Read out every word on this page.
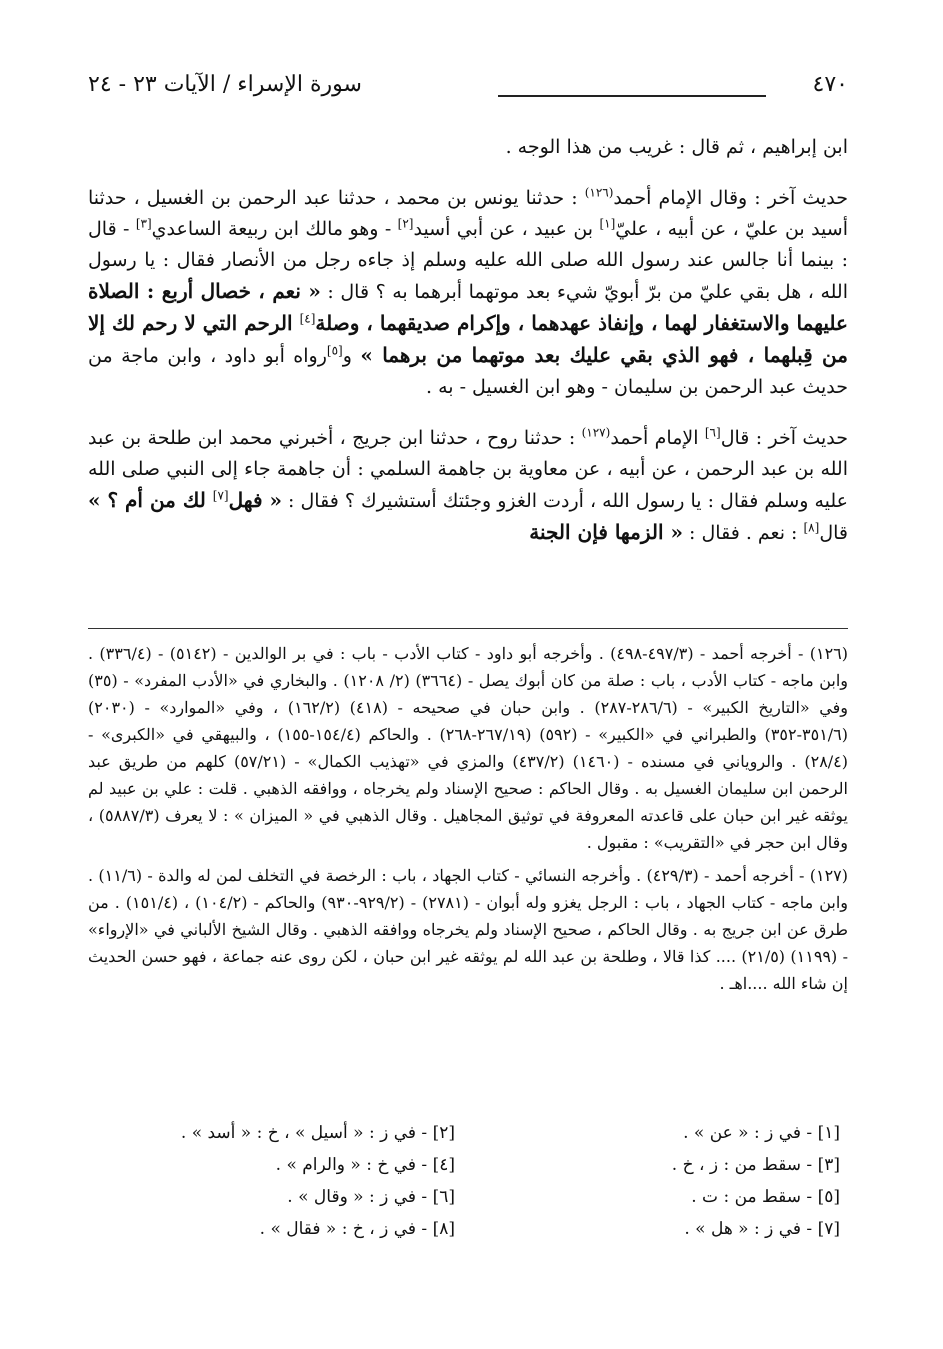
٤٧٠
سورة الإسراء / الآيات ٢٣ - ٢٤

ابن إبراهيم ، ثم قال : غريب من هذا الوجه .

حديث آخر : وقال الإمام أحمد$^{(١٢٦)}$ : حدثنا يونس بن محمد ، حدثنا عبد الرحمن بن الغسيل ، حدثنا أسيد بن عليّ ، عن أبيه ، عليّ[١] بن عبيد ، عن أبي أسيد[٢] - وهو مالك ابن ربيعة الساعدي[٣] - قال : بينما أنا جالس عند رسول الله صلى الله عليه وسلم إذ جاءه رجل من الأنصار فقال : يا رسول الله ، هل بقي عليّ من برّ أبويّ شيء بعد موتهما أبرهما به ؟ قال : « نعم ، خصال أربع : الصلاة عليهما والاستغفار لهما ، وإنفاذ عهدهما ، وإكرام صديقهما ، وصلة[٤] الرحم التي لا رحم لك إلا من قِبلهما ، فهو الذي بقي عليك بعد موتهما من برهما » و[٥]رواه أبو داود ، وابن ماجة من حديث عبد الرحمن بن سليمان - وهو ابن الغسيل - به .

حديث آخر : قال[٦] الإمام أحمد$^{(١٢٧)}$ : حدثنا روح ، حدثنا ابن جريج ، أخبرني محمد ابن طلحة بن عبد الله بن عبد الرحمن ، عن أبيه ، عن معاوية بن جاهمة السلمي : أن جاهمة جاء إلى النبي صلى الله عليه وسلم فقال : يا رسول الله ، أردت الغزو وجئتك أستشيرك ؟ فقال : « فهل[٧] لك من أم ؟ » قال[٨] : نعم . فقال : « الزمها فإن الجنة

(١٢٦) - أخرجه أحمد - (٤٩٧/٣-٤٩٨) . وأخرجه أبو داود - كتاب الأدب - باب : في بر الوالدين - (٥١٤٢) - (٣٣٦/٤) . وابن ماجه - كتاب الأدب ، باب : صلة من كان أبوك يصل - (٣٦٦٤) (٢/ ١٢٠٨) . والبخاري في «الأدب المفرد» - (٣٥) وفي «التاريخ الكبير» - (٢٨٦/٦-٢٨٧) . وابن حبان في صحيحه - (٤١٨) (١٦٢/٢) ، وفي «الموارد» - (٢٠٣٠) (٣٥١/٦-٣٥٢) والطبراني في «الكبير» - (٥٩٢) (٢٦٧/١٩-٢٦٨) . والحاكم (١٥٤/٤-١٥٥) ، والبيهقي في «الكبرى» - (٢٨/٤) . والروياني في مسنده - (١٤٦٠) (٤٣٧/٢) والمزي في «تهذيب الكمال» - (٥٧/٢١) كلهم من طريق عبد الرحمن ابن سليمان الغسيل به . وقال الحاكم : صحيح الإسناد ولم يخرجاه ، ووافقه الذهبي . قلت : علي بن عبيد لم يوثقه غير ابن حبان على قاعدته المعروفة في توثيق المجاهيل . وقال الذهبي في « الميزان » : لا يعرف (٥٨٨٧/٣) ، وقال ابن حجر في «التقريب» : مقبول .

(١٢٧) - أخرجه أحمد - (٤٢٩/٣) . وأخرجه النسائي - كتاب الجهاد ، باب : الرخصة في التخلف لمن له والدة - (١١/٦) . وابن ماجه - كتاب الجهاد ، باب : الرجل يغزو وله أبوان - (٢٧٨١) - (٩٢٩/٢-٩٣٠) والحاكم - (١٠٤/٢) ، (١٥١/٤) . من طرق عن ابن جريج به . وقال الحاكم ، صحيح الإسناد ولم يخرجاه ووافقه الذهبي . وقال الشيخ الألباني في «الإرواء» - (١١٩٩) (٢١/٥) .... كذا قالا ، وطلحة بن عبد الله لم يوثقه غير ابن حبان ، لكن روى عنه جماعة ، فهو حسن الحديث إن شاء الله ....اهـ .

[١] - في ز : « عن » .
[٢] - في ز : « أسيل » ، خ : « أسد » .
[٣] - سقط من : ز ، خ .
[٤] - في خ : « والرام » .
[٥] - سقط من : ت .
[٦] - في ز : « وقال » .
[٧] - في ز : « هل » .
[٨] - في ز ، خ : « فقال » .
